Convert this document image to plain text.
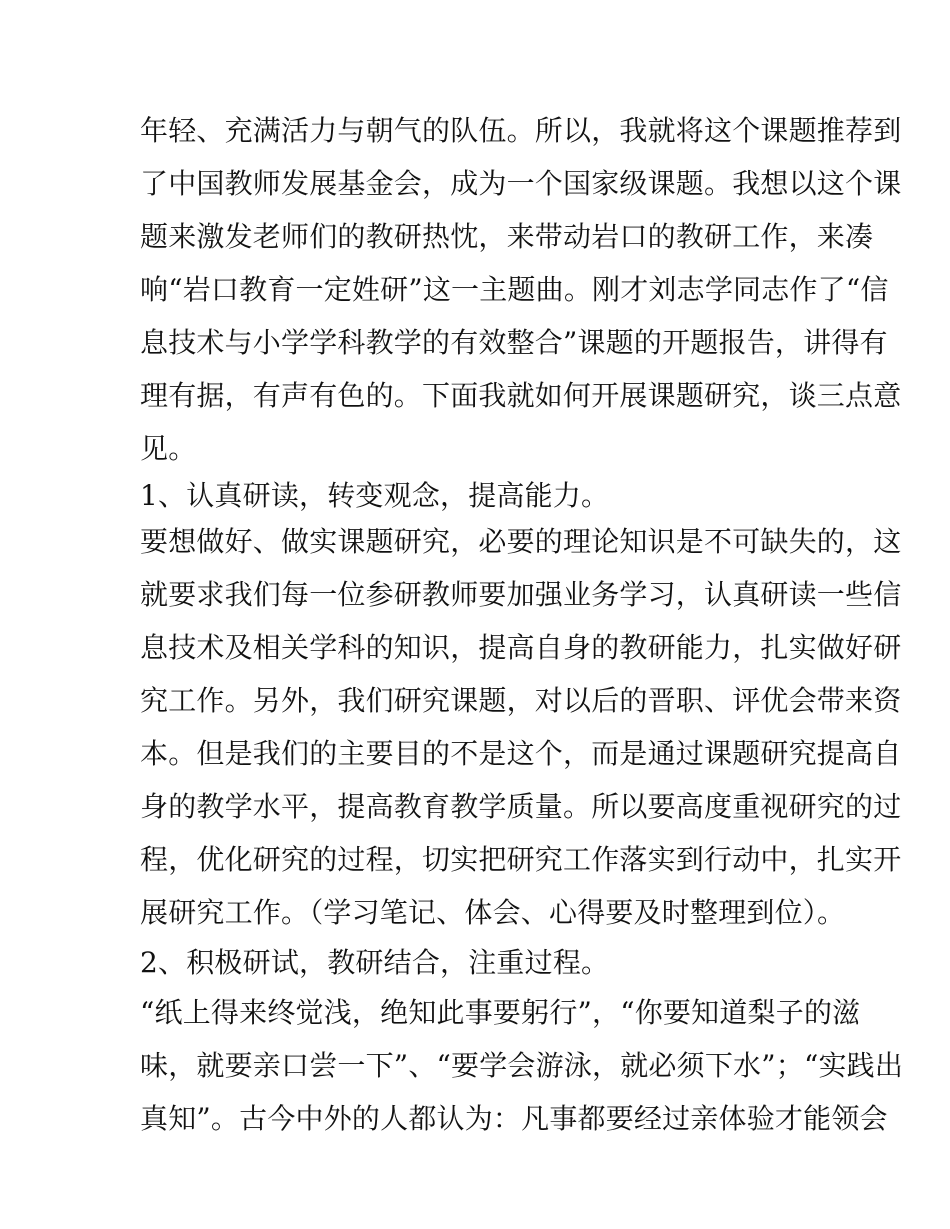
年轻、充满活力与朝气的队伍。所以，我就将这个课题推荐到
了中国教师发展基金会，成为一个国家级课题。我想以这个课
题来激发老师们的教研热忱，来带动岩口的教研工作，来凑
响“岩口教育一定姓研”这一主题曲。刚才刘志学同志作了“信
息技术与小学学科教学的有效整合”课题的开题报告，讲得有
理有据，有声有色的。下面我就如何开展课题研究，谈三点意
见。
1、认真研读，转变观念，提高能力。
要想做好、做实课题研究，必要的理论知识是不可缺失的，这
就要求我们每一位参研教师要加强业务学习，认真研读一些信
息技术及相关学科的知识，提高自身的教研能力，扎实做好研
究工作。另外，我们研究课题，对以后的晋职、评优会带来资
本。但是我们的主要目的不是这个，而是通过课题研究提高自
身的教学水平，提高教育教学质量。所以要高度重视研究的过
程，优化研究的过程，切实把研究工作落实到行动中，扎实开
展研究工作。（学习笔记、体会、心得要及时整理到位）。
2、积极研试，教研结合，注重过程。
“纸上得来终觉浅，绝知此事要躬行”，“你要知道梨子的滋
味，就要亲口尝一下”、“要学会游泳，就必须下水”；“实践出
真知”。古今中外的人都认为：凡事都要经过亲体验才能领会
